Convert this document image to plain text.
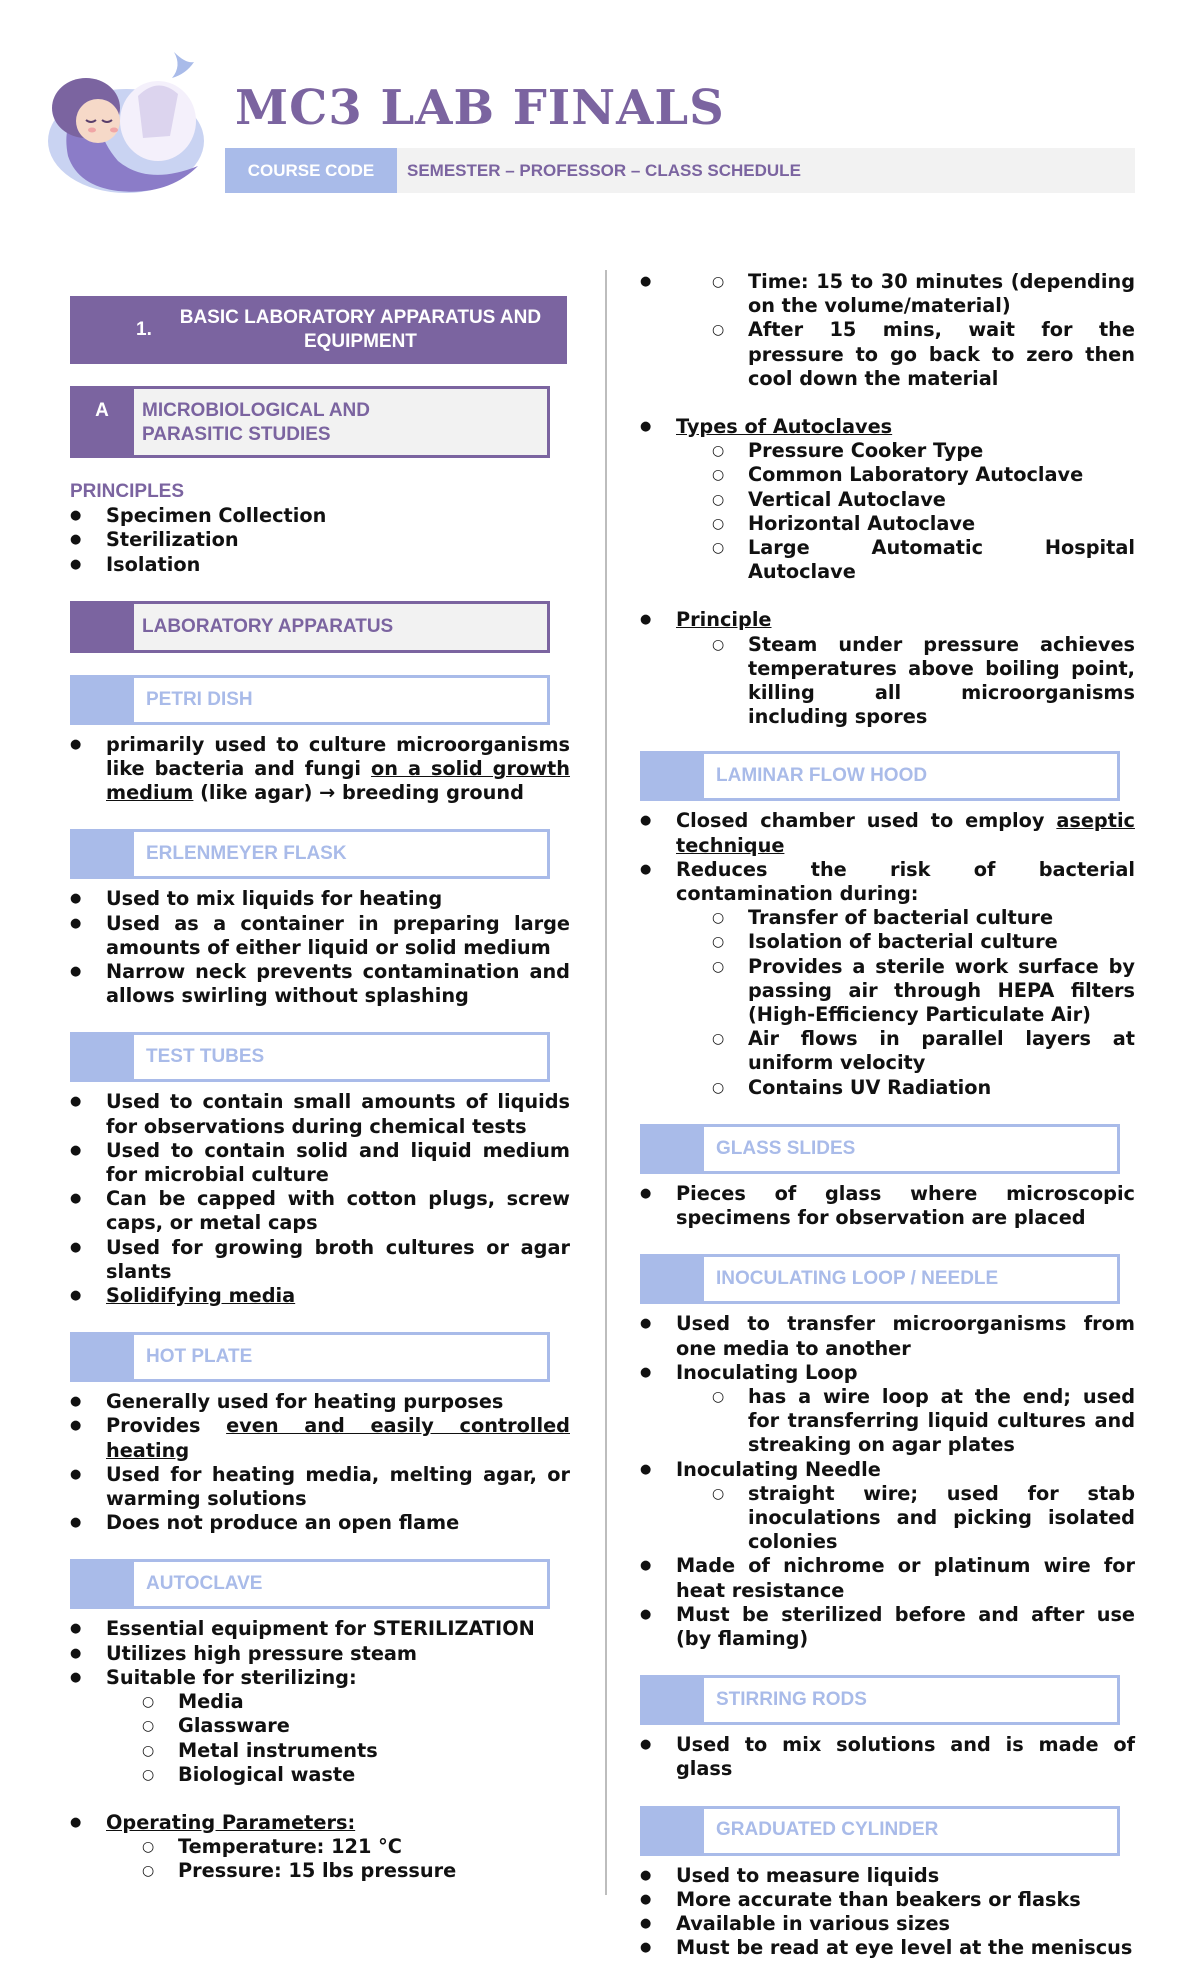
MC3 LAB FINALS
COURSE CODE	SEMESTER – PROFESSOR – CLASS SCHEDULE
1.
BASIC LABORATORY APPARATUS AND EQUIPMENT
A	MICROBIOLOGICAL AND PARASITIC STUDIES
PRINCIPLES
● Specimen Collection
● Sterilization
● Isolation
LABORATORY APPARATUS
PETRI DISH
● primarily used to culture microorganisms like bacteria and fungi on a solid growth medium (like agar) → breeding ground
ERLENMEYER FLASK
● Used to mix liquids for heating
● Used as a container in preparing large amounts of either liquid or solid medium
● Narrow neck prevents contamination and allows swirling without splashing
TEST TUBES
● Used to contain small amounts of liquids for observations during chemical tests
● Used to contain solid and liquid medium for microbial culture
● Can be capped with cotton plugs, screw caps, or metal caps
● Used for growing broth cultures or agar slants
● Solidifying media
HOT PLATE
● Generally used for heating purposes
● Provides even and easily controlled heating
● Used for heating media, melting agar, or warming solutions
● Does not produce an open flame
AUTOCLAVE
● Essential equipment for STERILIZATION
● Utilizes high pressure steam
● Suitable for sterilizing:
○ Media
○ Glassware
○ Metal instruments
○ Biological waste
● Operating Parameters:
○ Temperature: 121 °C
○ Pressure: 15 lbs pressure
○ ● Time: 15 to 30 minutes (depending on the volume/material)
○ After 15 mins, wait for the pressure to go back to zero then cool down the material
● Types of Autoclaves
○ Pressure Cooker Type
○ Common Laboratory Autoclave
○ Vertical Autoclave
○ Horizontal Autoclave
○ Large Automatic Hospital Autoclave
● Principle
○ Steam under pressure achieves temperatures above boiling point, killing all microorganisms including spores
LAMINAR FLOW HOOD
● Closed chamber used to employ aseptic technique
● Reduces the risk of bacterial contamination during:
○ Transfer of bacterial culture
○ Isolation of bacterial culture
○ Provides a sterile work surface by passing air through HEPA filters (High-Efficiency Particulate Air)
○ Air flows in parallel layers at uniform velocity
○ Contains UV Radiation
GLASS SLIDES
● Pieces of glass where microscopic specimens for observation are placed
INOCULATING LOOP / NEEDLE
● Used to transfer microorganisms from one media to another
● Inoculating Loop
○ has a wire loop at the end; used for transferring liquid cultures and streaking on agar plates
● Inoculating Needle
○ straight wire; used for stab inoculations and picking isolated colonies
● Made of nichrome or platinum wire for heat resistance
● Must be sterilized before and after use (by flaming)
STIRRING RODS
● Used to mix solutions and is made of glass
GRADUATED CYLINDER
● Used to measure liquids
● More accurate than beakers or flasks
● Available in various sizes
● Must be read at eye level at the meniscus
